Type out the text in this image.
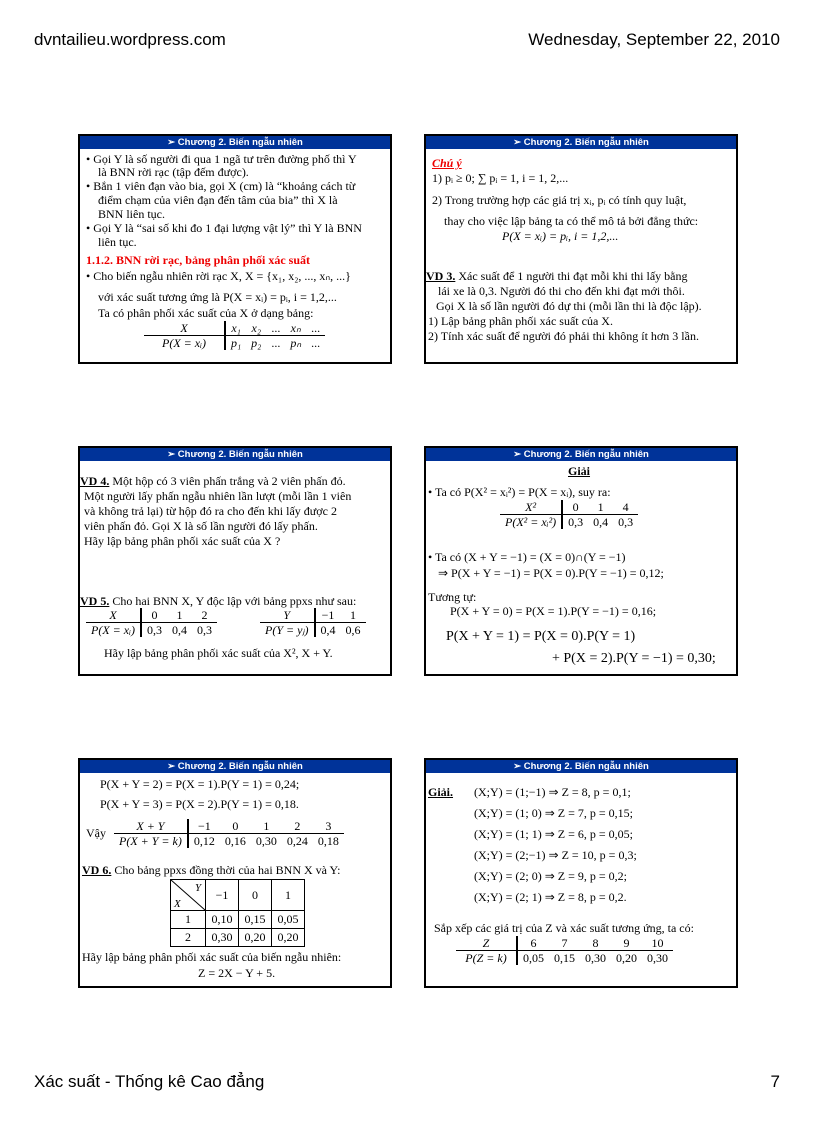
dvntailieu.wordpress.com	Wednesday, September 22, 2010
➢ Chương 2. Biến ngẫu nhiên
• Gọi Y là số người đi qua 1 ngã tư trên đường phố thì Y
là BNN rời rạc (tập đếm được).
• Bắn 1 viên đạn vào bia, gọi X (cm) là “khoảng cách từ
điểm chạm của viên đạn đến tâm của bia” thì X là
BNN liên tục.
• Gọi Y là “sai số khi đo 1 đại lượng vật lý” thì Y là BNN
liên tục.
1.1.2. BNN rời rạc, bảng phân phối xác suất
• Cho biến ngẫu nhiên rời rạc X, X = {x₁, x₂, ..., xₙ, ...}
với xác suất tương ứng là P(X = xᵢ) = pᵢ, i = 1,2,...
Ta có phân phối xác suất của X ở dạng bảng:
X	x₁	x₂	...	xₙ	...
P(X = xᵢ)	p₁	p₂	...	pₙ	...
➢ Chương 2. Biến ngẫu nhiên
Chú ý
1) pᵢ ≥ 0; ∑ pᵢ = 1, i = 1, 2,...
2) Trong trường hợp các giá trị xᵢ, pᵢ có tính quy luật,
thay cho việc lập bảng ta có thể mô tả bởi đẳng thức:
P(X = xᵢ) = pᵢ, i = 1,2,...
VD 3. Xác suất để 1 người thi đạt mỗi khi thi lấy bằng
lái xe là 0,3. Người đó thi cho đến khi đạt mới thôi.
Gọi X là số lần người đó dự thi (mỗi lần thi là độc lập).
1) Lập bảng phân phối xác suất của X.
2) Tính xác suất để người đó phải thi không ít hơn 3 lần.
➢ Chương 2. Biến ngẫu nhiên
VD 4. Một hộp có 3 viên phấn trắng và 2 viên phấn đỏ.
Một người lấy phấn ngẫu nhiên lần lượt (mỗi lần 1 viên
và không trả lại) từ hộp đó ra cho đến khi lấy được 2
viên phấn đỏ. Gọi X là số lần người đó lấy phấn.
Hãy lập bảng phân phối xác suất của X ?
VD 5. Cho hai BNN X, Y độc lập với bảng ppxs như sau:
X	0	1	2
P(X = xᵢ)	0,3	0,4	0,3
Y	−1	1
P(Y = yⱼ)	0,4	0,6
Hãy lập bảng phân phối xác suất của X², X + Y.
➢ Chương 2. Biến ngẫu nhiên
Giải
• Ta có P(X² = xᵢ²) = P(X = xᵢ), suy ra:
X²	0	1	4
P(X² = xᵢ²)	0,3	0,4	0,3
• Ta có (X + Y = −1) = (X = 0)∩(Y = −1)
⇒ P(X + Y = −1) = P(X = 0).P(Y = −1) = 0,12;
Tương tự:
P(X + Y = 0) = P(X = 1).P(Y = −1) = 0,16;
P(X + Y = 1) = P(X = 0).P(Y = 1)
+ P(X = 2).P(Y = −1) = 0,30;
➢ Chương 2. Biến ngẫu nhiên
P(X + Y = 2) = P(X = 1).P(Y = 1) = 0,24;
P(X + Y = 3) = P(X = 2).P(Y = 1) = 0,18.
Vậy	X + Y	−1	0	1	2	3
P(X + Y = k)	0,12	0,16	0,30	0,24	0,18
VD 6. Cho bảng ppxs đồng thời của hai BNN X và Y:
Y
X	−1	0	1
1	0,10	0,15	0,05
2	0,30	0,20	0,20
Hãy lập bảng phân phối xác suất của biến ngẫu nhiên:
Z = 2X − Y + 5.
➢ Chương 2. Biến ngẫu nhiên
Giải. (X;Y) = (1;−1) ⇒ Z = 8, p = 0,1;
(X;Y) = (1; 0) ⇒ Z = 7, p = 0,15;
(X;Y) = (1; 1) ⇒ Z = 6, p = 0,05;
(X;Y) = (2;−1) ⇒ Z = 10, p = 0,3;
(X;Y) = (2; 0) ⇒ Z = 9, p = 0,2;
(X;Y) = (2; 1) ⇒ Z = 8, p = 0,2.
Sắp xếp các giá trị của Z và xác suất tương ứng, ta có:
Z	6	7	8	9	10
P(Z = k)	0,05	0,15	0,30	0,20	0,30
Xác suất - Thống kê Cao đẳng	7
